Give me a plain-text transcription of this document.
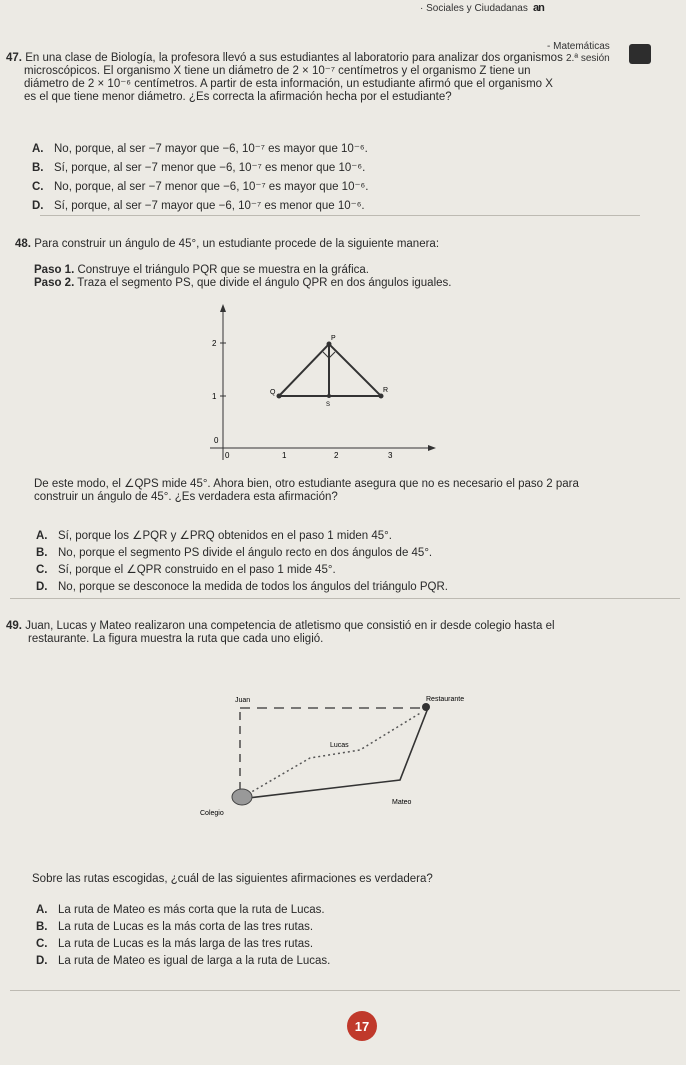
· Sociales y Ciudadanas an
- Matemáticas
2.ª sesión
47. En una clase de Biología, la profesora llevó a sus estudiantes al laboratorio para analizar dos organismos
microscópicos. El organismo X tiene un diámetro de 2 × 10⁻⁷ centímetros y el organismo Z tiene un
diámetro de 2 × 10⁻⁶ centímetros. A partir de esta información, un estudiante afirmó que el organismo X
es el que tiene menor diámetro. ¿Es correcta la afirmación hecha por el estudiante?
A. No, porque, al ser −7 mayor que −6, 10⁻⁷ es mayor que 10⁻⁶.
B. Sí, porque, al ser −7 menor que −6, 10⁻⁷ es menor que 10⁻⁶.
C. No, porque, al ser −7 menor que −6, 10⁻⁷ es mayor que 10⁻⁶.
D. Sí, porque, al ser −7 mayor que −6, 10⁻⁷ es menor que 10⁻⁶.
48. Para construir un ángulo de 45°, un estudiante procede de la siguiente manera:
Paso 1. Construye el triángulo PQR que se muestra en la gráfica.
Paso 2. Traza el segmento PS, que divide el ángulo QPR en dos ángulos iguales.
2
1
0
0	1	2	3
P
Q	R
S
De este modo, el ∠QPS mide 45°. Ahora bien, otro estudiante asegura que no es necesario el paso 2 para
construir un ángulo de 45°. ¿Es verdadera esta afirmación?
A. Sí, porque los ∠PQR y ∠PRQ obtenidos en el paso 1 miden 45°.
B. No, porque el segmento PS divide el ángulo recto en dos ángulos de 45°.
C. Sí, porque el ∠QPR construido en el paso 1 mide 45°.
D. No, porque se desconoce la medida de todos los ángulos del triángulo PQR.
49. Juan, Lucas y Mateo realizaron una competencia de atletismo que consistió en ir desde colegio hasta el
restaurante. La figura muestra la ruta que cada uno eligió.
Juan	Restaurante
Lucas
Mateo
Colegio
Sobre las rutas escogidas, ¿cuál de las siguientes afirmaciones es verdadera?
A. La ruta de Mateo es más corta que la ruta de Lucas.
B. La ruta de Lucas es la más corta de las tres rutas.
C. La ruta de Lucas es la más larga de las tres rutas.
D. La ruta de Mateo es igual de larga a la ruta de Lucas.
17
